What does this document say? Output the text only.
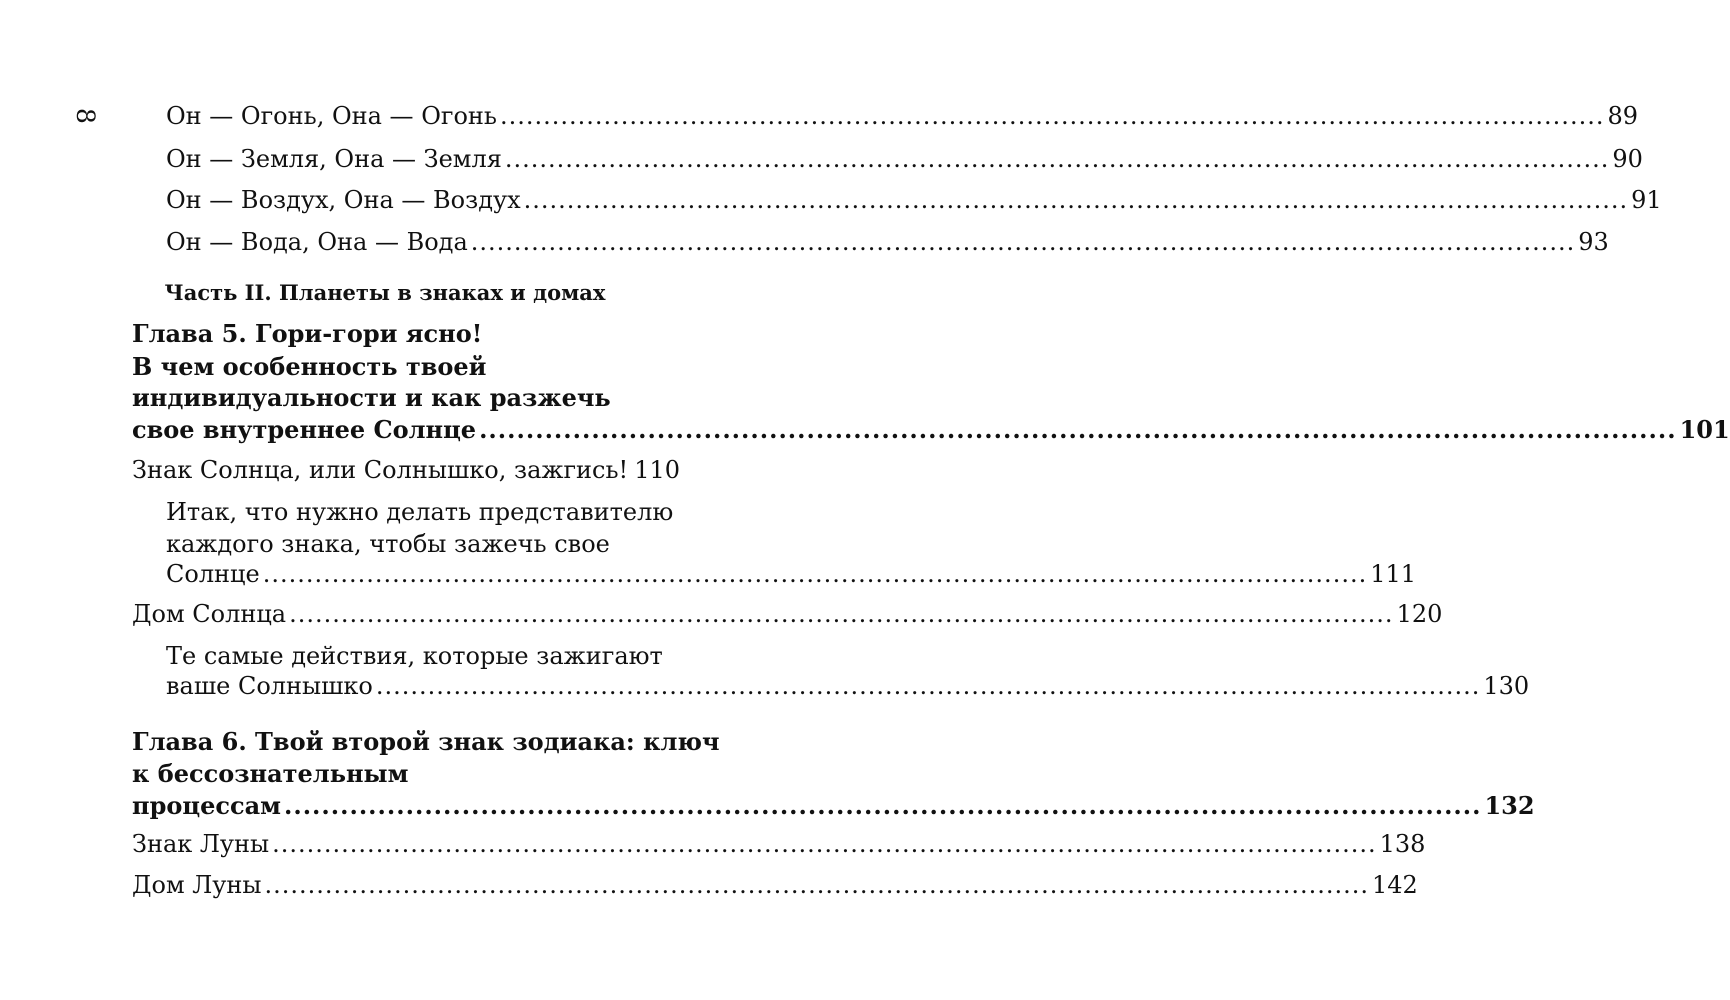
8	Он — Огонь, Она — Огонь ................................................................................................................................ 89
Он — Земля, Она — Земля ................................................................................................................................ 90
Он — Воздух, Она — Воздух ................................................................................................................................ 91
Он — Вода, Она — Вода ................................................................................................................................ 93
Часть II. Планеты в знаках и домах
Глава 5. Гори-гори ясно!
В чем особенность твоей
индивидуальности и как разжечь
свое внутреннее Солнце ................................................................................................................................ 101
Знак Солнца, или Солнышко, зажгись! 110
Итак, что нужно делать представителю
каждого знака, чтобы зажечь свое
Солнце ................................................................................................................................ 111
Дом Солнца ................................................................................................................................ 120
Те самые действия, которые зажигают
ваше Солнышко ................................................................................................................................ 130
Глава 6. Твой второй знак зодиака: ключ
к бессознательным
процессам ................................................................................................................................ 132
Знак Луны ................................................................................................................................ 138
Дом Луны ................................................................................................................................ 142
